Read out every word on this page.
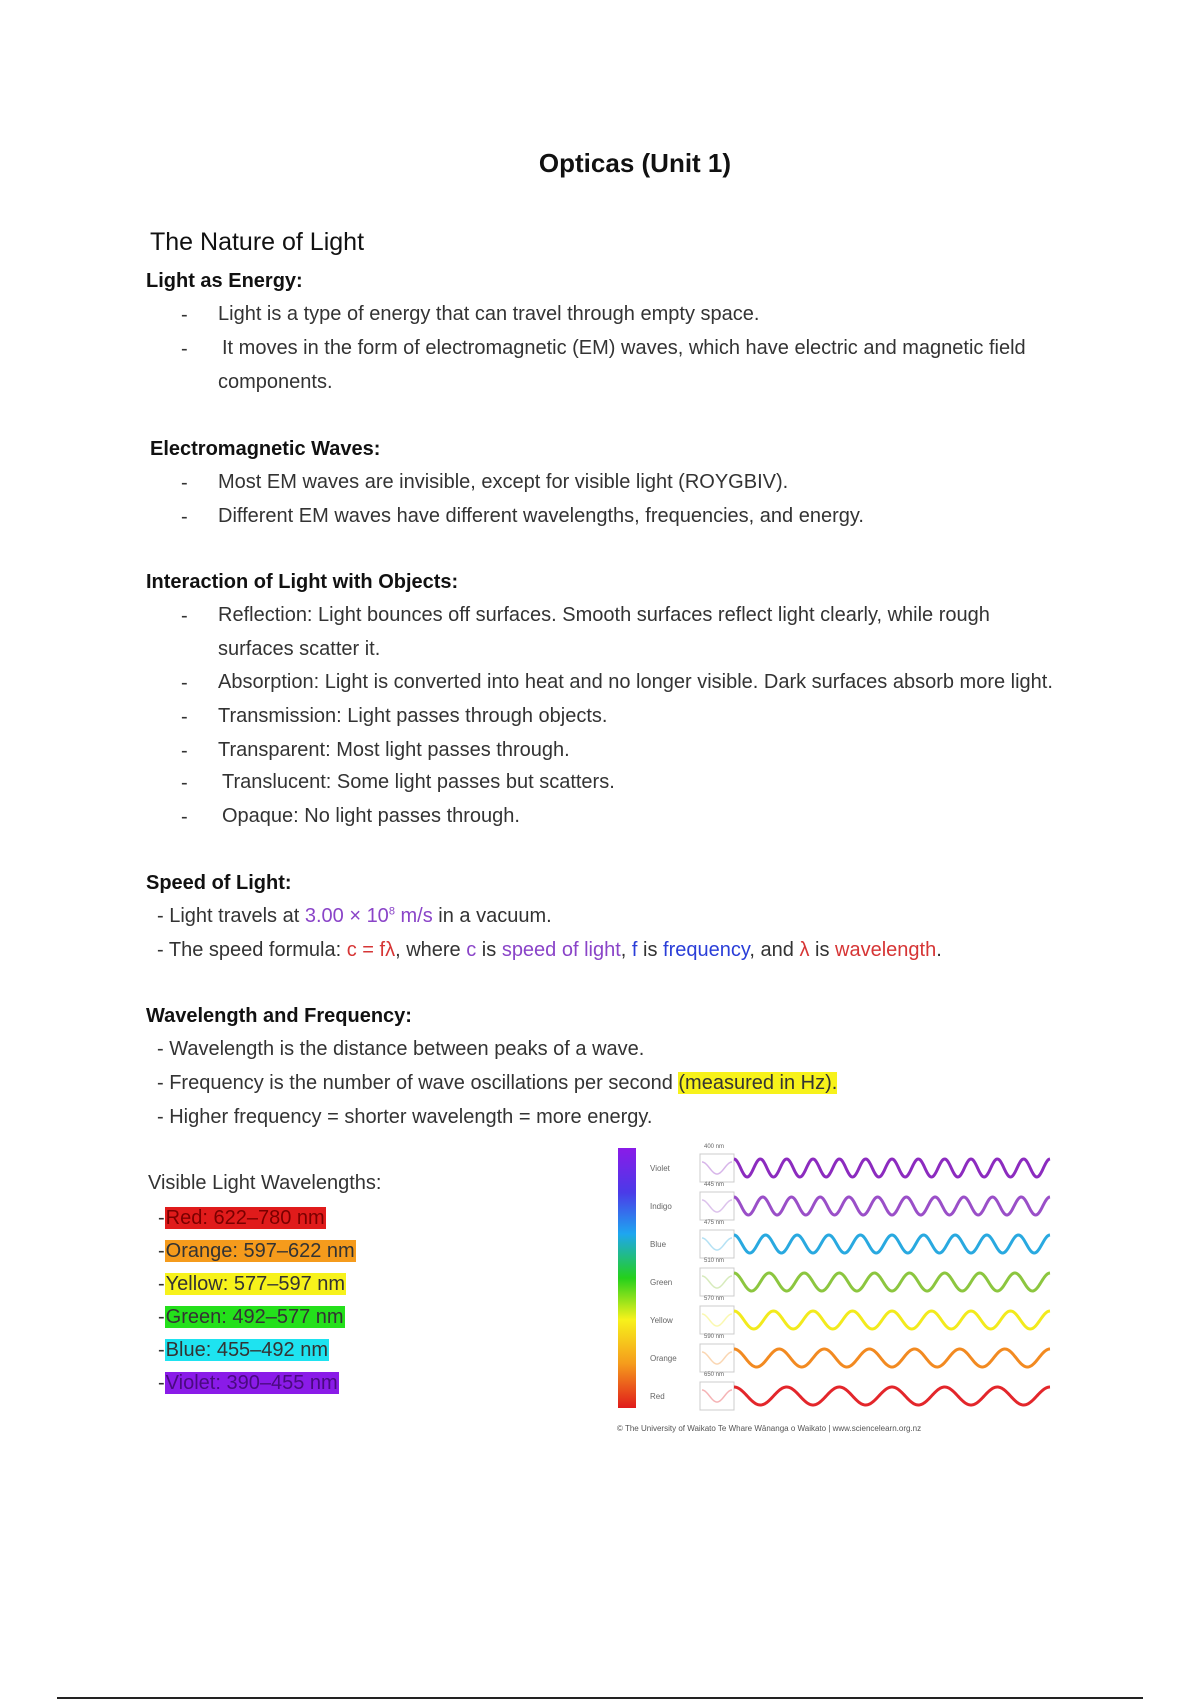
Opticas (Unit 1)
The Nature of Light
Light as Energy:
- Light is a type of energy that can travel through empty space.
- It moves in the form of electromagnetic (EM) waves, which have electric and magnetic field
components.
Electromagnetic Waves:
- Most EM waves are invisible, except for visible light (ROYGBIV).
- Different EM waves have different wavelengths, frequencies, and energy.
Interaction of Light with Objects:
- Reflection: Light bounces off surfaces. Smooth surfaces reflect light clearly, while rough
surfaces scatter it.
- Absorption: Light is converted into heat and no longer visible. Dark surfaces absorb more light.
- Transmission: Light passes through objects.
- Transparent: Most light passes through.
- Translucent: Some light passes but scatters.
- Opaque: No light passes through.
Speed of Light:
- Light travels at $3.00 \times 10^8$ m/s in a vacuum.
- The speed formula: c = fλ, where c is speed of light, f is frequency, and λ is wavelength.
Wavelength and Frequency:
- Wavelength is the distance between peaks of a wave.
- Frequency is the number of wave oscillations per second (measured in Hz).
- Higher frequency = shorter wavelength = more energy.
Visible Light Wavelengths:
-Red: 622–780 nm
-Orange: 597–622 nm
-Yellow: 577–597 nm
-Green: 492–577 nm
-Blue: 455–492 nm
-Violet: 390–455 nm
Violet
400 nm
Indigo
445 nm
Blue
475 nm
Green
510 nm
Yellow
570 nm
Orange
590 nm
Red
650 nm
© The University of Waikato Te Whare Wānanga o Waikato | www.sciencelearn.org.nz
